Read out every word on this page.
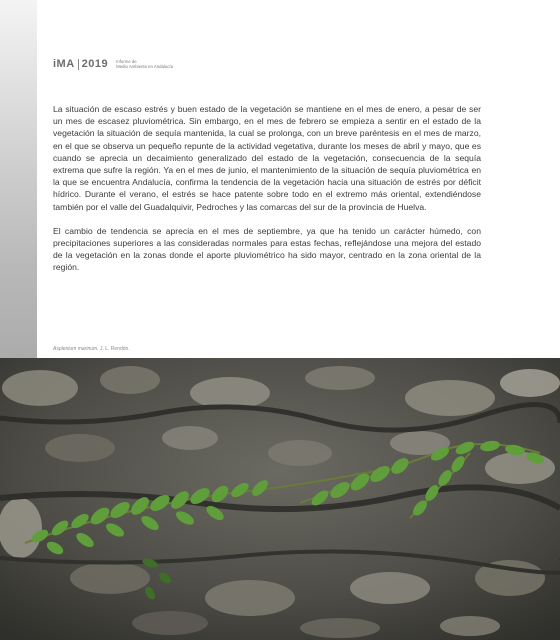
iMA 2019 Informe de
Medio Ambiente en Andalucía

La situación de escaso estrés y buen estado de la vegetación se mantiene en el mes de enero, a pesar de ser un mes de escasez pluviométrica. Sin embargo, en el mes de febrero se empieza a sentir en el estado de la vegetación la situación de sequía mantenida, la cual se prolonga, con un breve paréntesis en el mes de marzo, en el que se observa un pequeño repunte de la actividad vegetativa, durante los meses de abril y mayo, que es cuando se aprecia un decaimiento generalizado del estado de la vegetación, consecuencia de la sequía extrema que sufre la región. Ya en el mes de junio, el mantenimiento de la situación de sequía pluviométrica en la que se encuentra Andalucía, confirma la tendencia de la vegetación hacia una situación de estrés por déficit hídrico. Durante el verano, el estrés se hace patente sobre todo en el extremo más oriental, extendiéndose también por el valle del Guadalquivir, Pedroches y las comarcas del sur de la provincia de Huelva.

El cambio de tendencia se aprecia en el mes de septiembre, ya que ha tenido un carácter húmedo, con precipitaciones superiores a las consideradas normales para estas fechas, reflejándose una mejora del estado de la vegetación en la zonas donde el aporte pluviométrico ha sido mayor, centrado en la zona oriental de la región.

Asplenium marinum. J. L. Rendón.
